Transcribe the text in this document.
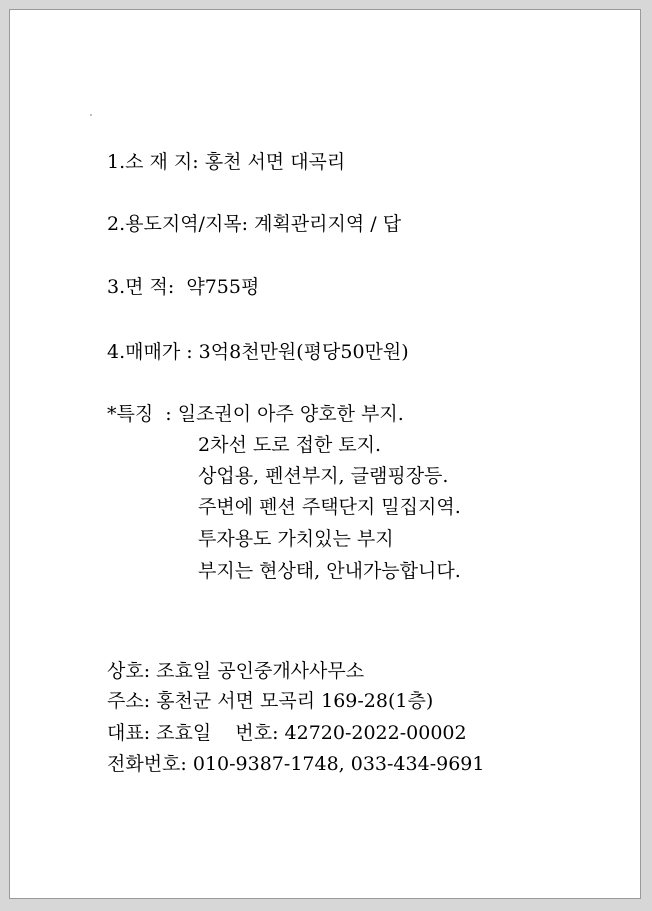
1.소 재 지: 홍천 서면 대곡리
2.용도지역/지목: 계획관리지역 / 답
3.면 적:  약755평
4.매매가 : 3억8천만원(평당50만원)
*특징  : 일조권이 아주 양호한 부지.
2차선 도로 접한 토지.
상업용, 펜션부지, 글램핑장등.
주변에 펜션 주택단지 밀집지역.
투자용도 가치있는 부지
부지는 현상태, 안내가능합니다.
상호: 조효일 공인중개사사무소
주소: 홍천군 서면 모곡리 169-28(1층)
대표: 조효일    번호: 42720-2022-00002
전화번호: 010-9387-1748, 033-434-9691
